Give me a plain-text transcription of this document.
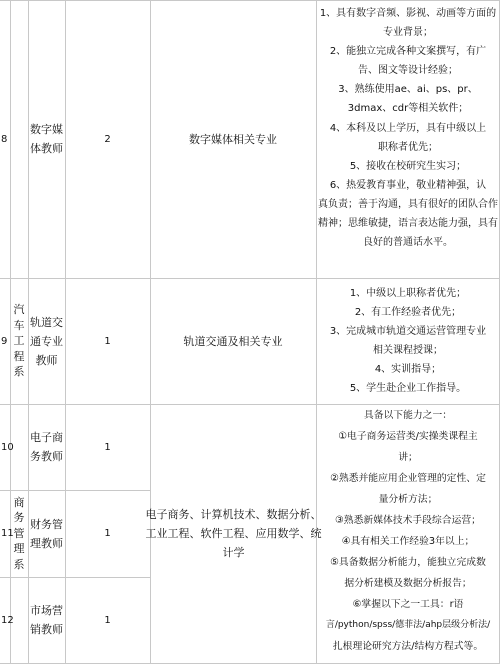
8
数字媒
体教师
2	数字媒体相关专业
1、具有数字音频、影视、动画等方面的
专业背景；
2、能独立完成各种文案撰写，有广
告、图文等设计经验；
3、熟练使用ae、ai、ps、pr、
3dmax、cdr等相关软件；
4、本科及以上学历，具有中级以上
职称者优先；
5、接收在校研究生实习；
6、热爱教育事业，敬业精神强，认
真负责；善于沟通，具有很好的团队合作
精神；思维敏捷，语言表达能力强，具有
良好的普通话水平。
9
汽
车
工
程
系
轨道交
通专业
教师
1	轨道交通及相关专业
1、中级以上职称者优先；
2、有工作经验者优先；
3、完成城市轨道交通运营管理专业
相关课程授课；
4、实训指导；
5、学生赴企业工作指导。
10
11
12
商
务
管
理
系
电子商
务教师
财务管
理教师
市场营
销教师
1
1
1
电子商务、计算机技术、数据分析、
工业工程、软件工程、应用数学、统
计学
具备以下能力之一：
①电子商务运营类/实操类课程主
讲；
②熟悉并能应用企业管理的定性、定
量分析方法；
③熟悉新媒体技术手段综合运营；
④具有相关工作经验3年以上；
⑤具备数据分析能力，能独立完成数
据分析建模及数据分析报告；
⑥掌握以下之一工具：r语
言/python/spss/德菲法/ahp层级分析法/
扎根理论研究方法/结构方程式等。
